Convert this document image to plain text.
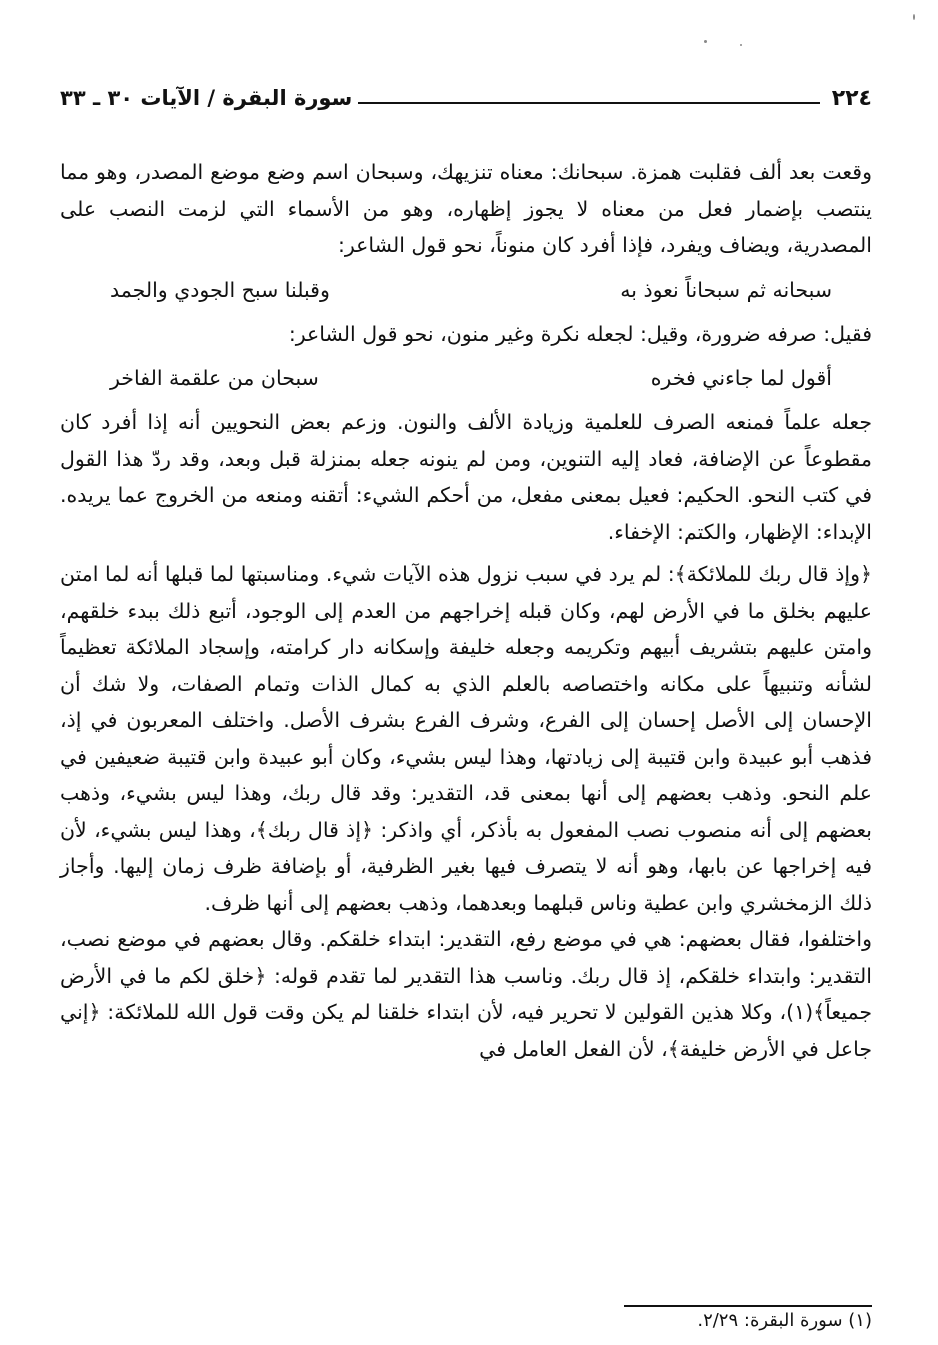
٢٢٤
سورة البقرة / الآيات ٣٠ ـ ٣٣

وقعت بعد ألف فقلبت همزة. سبحانك: معناه تنزيهك، وسبحان اسم وضع موضع المصدر، وهو مما ينتصب بإضمار فعل من معناه لا يجوز إظهاره، وهو من الأسماء التي لزمت النصب على المصدرية، ويضاف ويفرد، فإذا أفرد كان منوناً، نحو قول الشاعر:

سبحانه ثم سبحاناً نعوذ به
وقبلنا سبح الجودي والجمد

فقيل: صرفه ضرورة، وقيل: لجعله نكرة وغير منون، نحو قول الشاعر:

أقول لما جاءني فخره
سبحان من علقمة الفاخر

جعله علماً فمنعه الصرف للعلمية وزيادة الألف والنون. وزعم بعض النحويين أنه إذا أفرد كان مقطوعاً عن الإضافة، فعاد إليه التنوين، ومن لم ينونه جعله بمنزلة قبل وبعد، وقد ردّ هذا القول في كتب النحو. الحكيم: فعيل بمعنى مفعل، من أحكم الشيء: أتقنه ومنعه من الخروج عما يريده. الإبداء: الإظهار، والكتم: الإخفاء.

﴿وإذ قال ربك للملائكة﴾: لم يرد في سبب نزول هذه الآيات شيء. ومناسبتها لما قبلها أنه لما امتن عليهم بخلق ما في الأرض لهم، وكان قبله إخراجهم من العدم إلى الوجود، أتبع ذلك ببدء خلقهم، وامتن عليهم بتشريف أبيهم وتكريمه وجعله خليفة وإسكانه دار كرامته، وإسجاد الملائكة تعظيماً لشأنه وتنبيهاً على مكانه واختصاصه بالعلم الذي به كمال الذات وتمام الصفات، ولا شك أن الإحسان إلى الأصل إحسان إلى الفرع، وشرف الفرع بشرف الأصل. واختلف المعربون في إذ، فذهب أبو عبيدة وابن قتيبة إلى زيادتها، وهذا ليس بشيء، وكان أبو عبيدة وابن قتيبة ضعيفين في علم النحو. وذهب بعضهم إلى أنها بمعنى قد، التقدير: وقد قال ربك، وهذا ليس بشيء، وذهب بعضهم إلى أنه منصوب نصب المفعول به بأذكر، أي واذكر: ﴿إذ قال ربك﴾، وهذا ليس بشيء، لأن فيه إخراجها عن بابها، وهو أنه لا يتصرف فيها بغير الظرفية، أو بإضافة ظرف زمان إليها. وأجاز ذلك الزمخشري وابن عطية وناس قبلهما وبعدهما، وذهب بعضهم إلى أنها ظرف.

واختلفوا، فقال بعضهم: هي في موضع رفع، التقدير: ابتداء خلقكم. وقال بعضهم في موضع نصب، التقدير: وابتداء خلقكم، إذ قال ربك. وناسب هذا التقدير لما تقدم قوله: ﴿خلق لكم ما في الأرض جميعاً﴾(١)، وكلا هذين القولين لا تحرير فيه، لأن ابتداء خلقنا لم يكن وقت قول الله للملائكة: ﴿إني جاعل في الأرض خليفة﴾، لأن الفعل العامل في

(١) سورة البقرة: ٢/٢٩.
